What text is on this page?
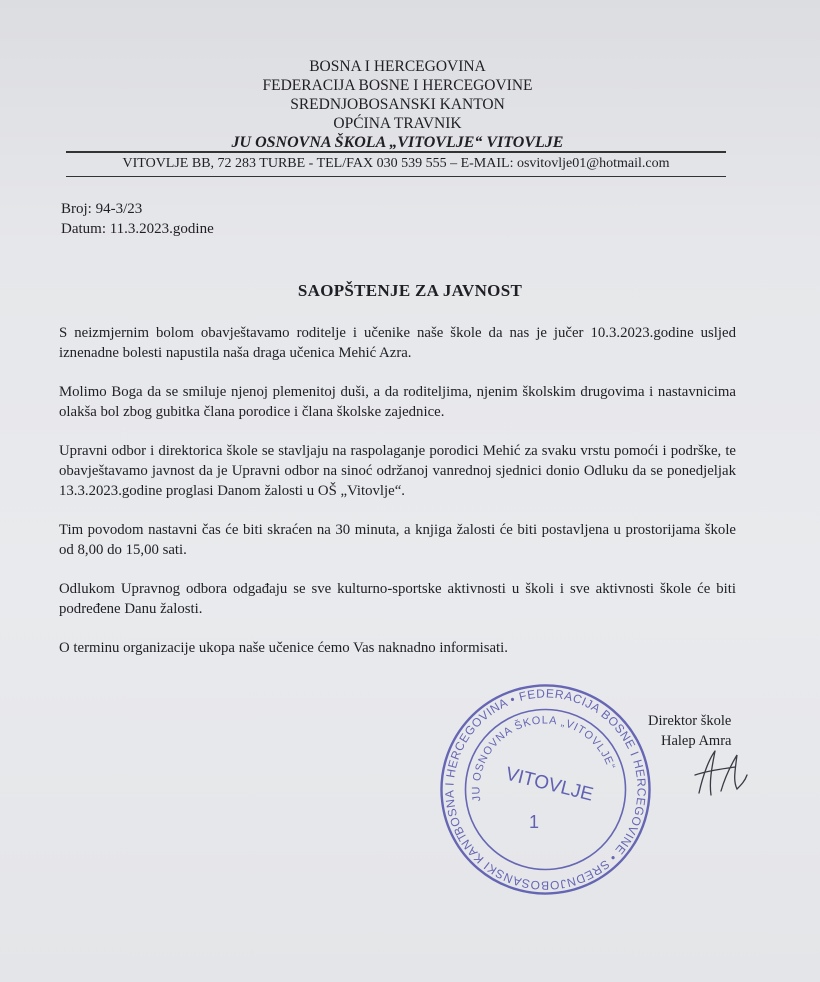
BOSNA I HERCEGOVINA
FEDERACIJA BOSNE I HERCEGOVINE
SREDNJOBOSANSKI KANTON
OPĆINA TRAVNIK
JU OSNOVNA ŠKOLA „VITOVLJE“ VITOVLJE
VITOVLJE BB, 72 283 TURBE - TEL/FAX 030 539 555 – E-MAIL: osvitovlje01@hotmail.com
Broj: 94-3/23
Datum: 11.3.2023.godine
SAOPŠTENJE ZA JAVNOST

S neizmjernim bolom obavještavamo roditelje i učenike naše škole da nas je jučer 10.3.2023.godine usljed iznenadne bolesti napustila naša draga učenica Mehić Azra.

Molimo Boga da se smiluje njenoj plemenitoj duši, a da roditeljima, njenim školskim drugovima i nastavnicima olakša bol zbog gubitka člana porodice i člana školske zajednice.

Upravni odbor i direktorica škole se stavljaju na raspolaganje porodici Mehić za svaku vrstu pomoći i podrške, te obavještavamo javnost da je Upravni odbor na sinoć održanoj vanrednoj sjednici donio Odluku da se ponedjeljak 13.3.2023.godine proglasi Danom žalosti u OŠ „Vitovlje“.

Tim povodom nastavni čas će biti skraćen na 30 minuta, a knjiga žalosti će biti postavljena u prostorijama škole od 8,00 do 15,00 sati.

Odlukom Upravnog odbora odgađaju se sve kulturno-sportske aktivnosti u školi i sve aktivnosti škole će biti podređene Danu žalosti.

O terminu organizacije ukopa naše učenice ćemo Vas naknadno informisati.

Direktor škole
Halep Amra
BOSNA I HERCEGOVINA • FEDERACIJA BOSNE I HERCEGOVINE • SREDNJOBOSANSKI KANTON
JU OSNOVNA ŠKOLA „VITOVLJE“
VITOVLJE
1
